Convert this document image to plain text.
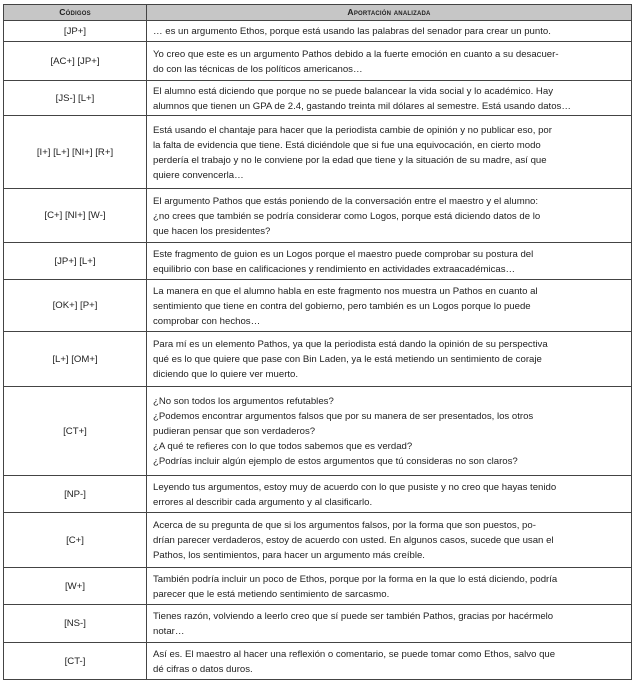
Códigos	Aportación analizada
[JP+]	… es un argumento Ethos, porque está usando las palabras del senador para crear un punto.
[AC+] [JP+]	Yo creo que este es un argumento Pathos debido a la fuerte emoción en cuanto a su desacuer-
do con las técnicas de los políticos americanos…
[JS-] [L+]	El alumno está diciendo que porque no se puede balancear la vida social y lo académico. Hay
alumnos que tienen un GPA de 2.4, gastando treinta mil dólares al semestre. Está usando datos…
[I+] [L+] [NI+] [R+]	Está usando el chantaje para hacer que la periodista cambie de opinión y no publicar eso, por
la falta de evidencia que tiene. Está diciéndole que si fue una equivocación, en cierto modo
perdería el trabajo y no le conviene por la edad que tiene y la situación de su madre, así que
quiere convencerla…
[C+] [NI+] [W-]	El argumento Pathos que estás poniendo de la conversación entre el maestro y el alumno:
¿no crees que también se podría considerar como Logos, porque está diciendo datos de lo
que hacen los presidentes?
[JP+] [L+]	Este fragmento de guion es un Logos porque el maestro puede comprobar su postura del
equilibrio con base en calificaciones y rendimiento en actividades extraacadémicas…
[OK+] [P+]	La manera en que el alumno habla en este fragmento nos muestra un Pathos en cuanto al
sentimiento que tiene en contra del gobierno, pero también es un Logos porque lo puede
comprobar con hechos…
[L+] [OM+]	Para mí es un elemento Pathos, ya que la periodista está dando la opinión de su perspectiva
qué es lo que quiere que pase con Bin Laden, ya le está metiendo un sentimiento de coraje
diciendo que lo quiere ver muerto.
[CT+]	¿No son todos los argumentos refutables?
¿Podemos encontrar argumentos falsos que por su manera de ser presentados, los otros
pudieran pensar que son verdaderos?
¿A qué te refieres con lo que todos sabemos que es verdad?
¿Podrías incluir algún ejemplo de estos argumentos que tú consideras no son claros?
[NP-]	Leyendo tus argumentos, estoy muy de acuerdo con lo que pusiste y no creo que hayas tenido
errores al describir cada argumento y al clasificarlo.
[C+]	Acerca de su pregunta de que si los argumentos falsos, por la forma que son puestos, po-
drían parecer verdaderos, estoy de acuerdo con usted. En algunos casos, sucede que usan el
Pathos, los sentimientos, para hacer un argumento más creíble.
[W+]	También podría incluir un poco de Ethos, porque por la forma en la que lo está diciendo, podría
parecer que le está metiendo sentimiento de sarcasmo.
[NS-]	Tienes razón, volviendo a leerlo creo que sí puede ser también Pathos, gracias por hacérmelo
notar…
[CT-]	Así es. El maestro al hacer una reflexión o comentario, se puede tomar como Ethos, salvo que
dé cifras o datos duros.
